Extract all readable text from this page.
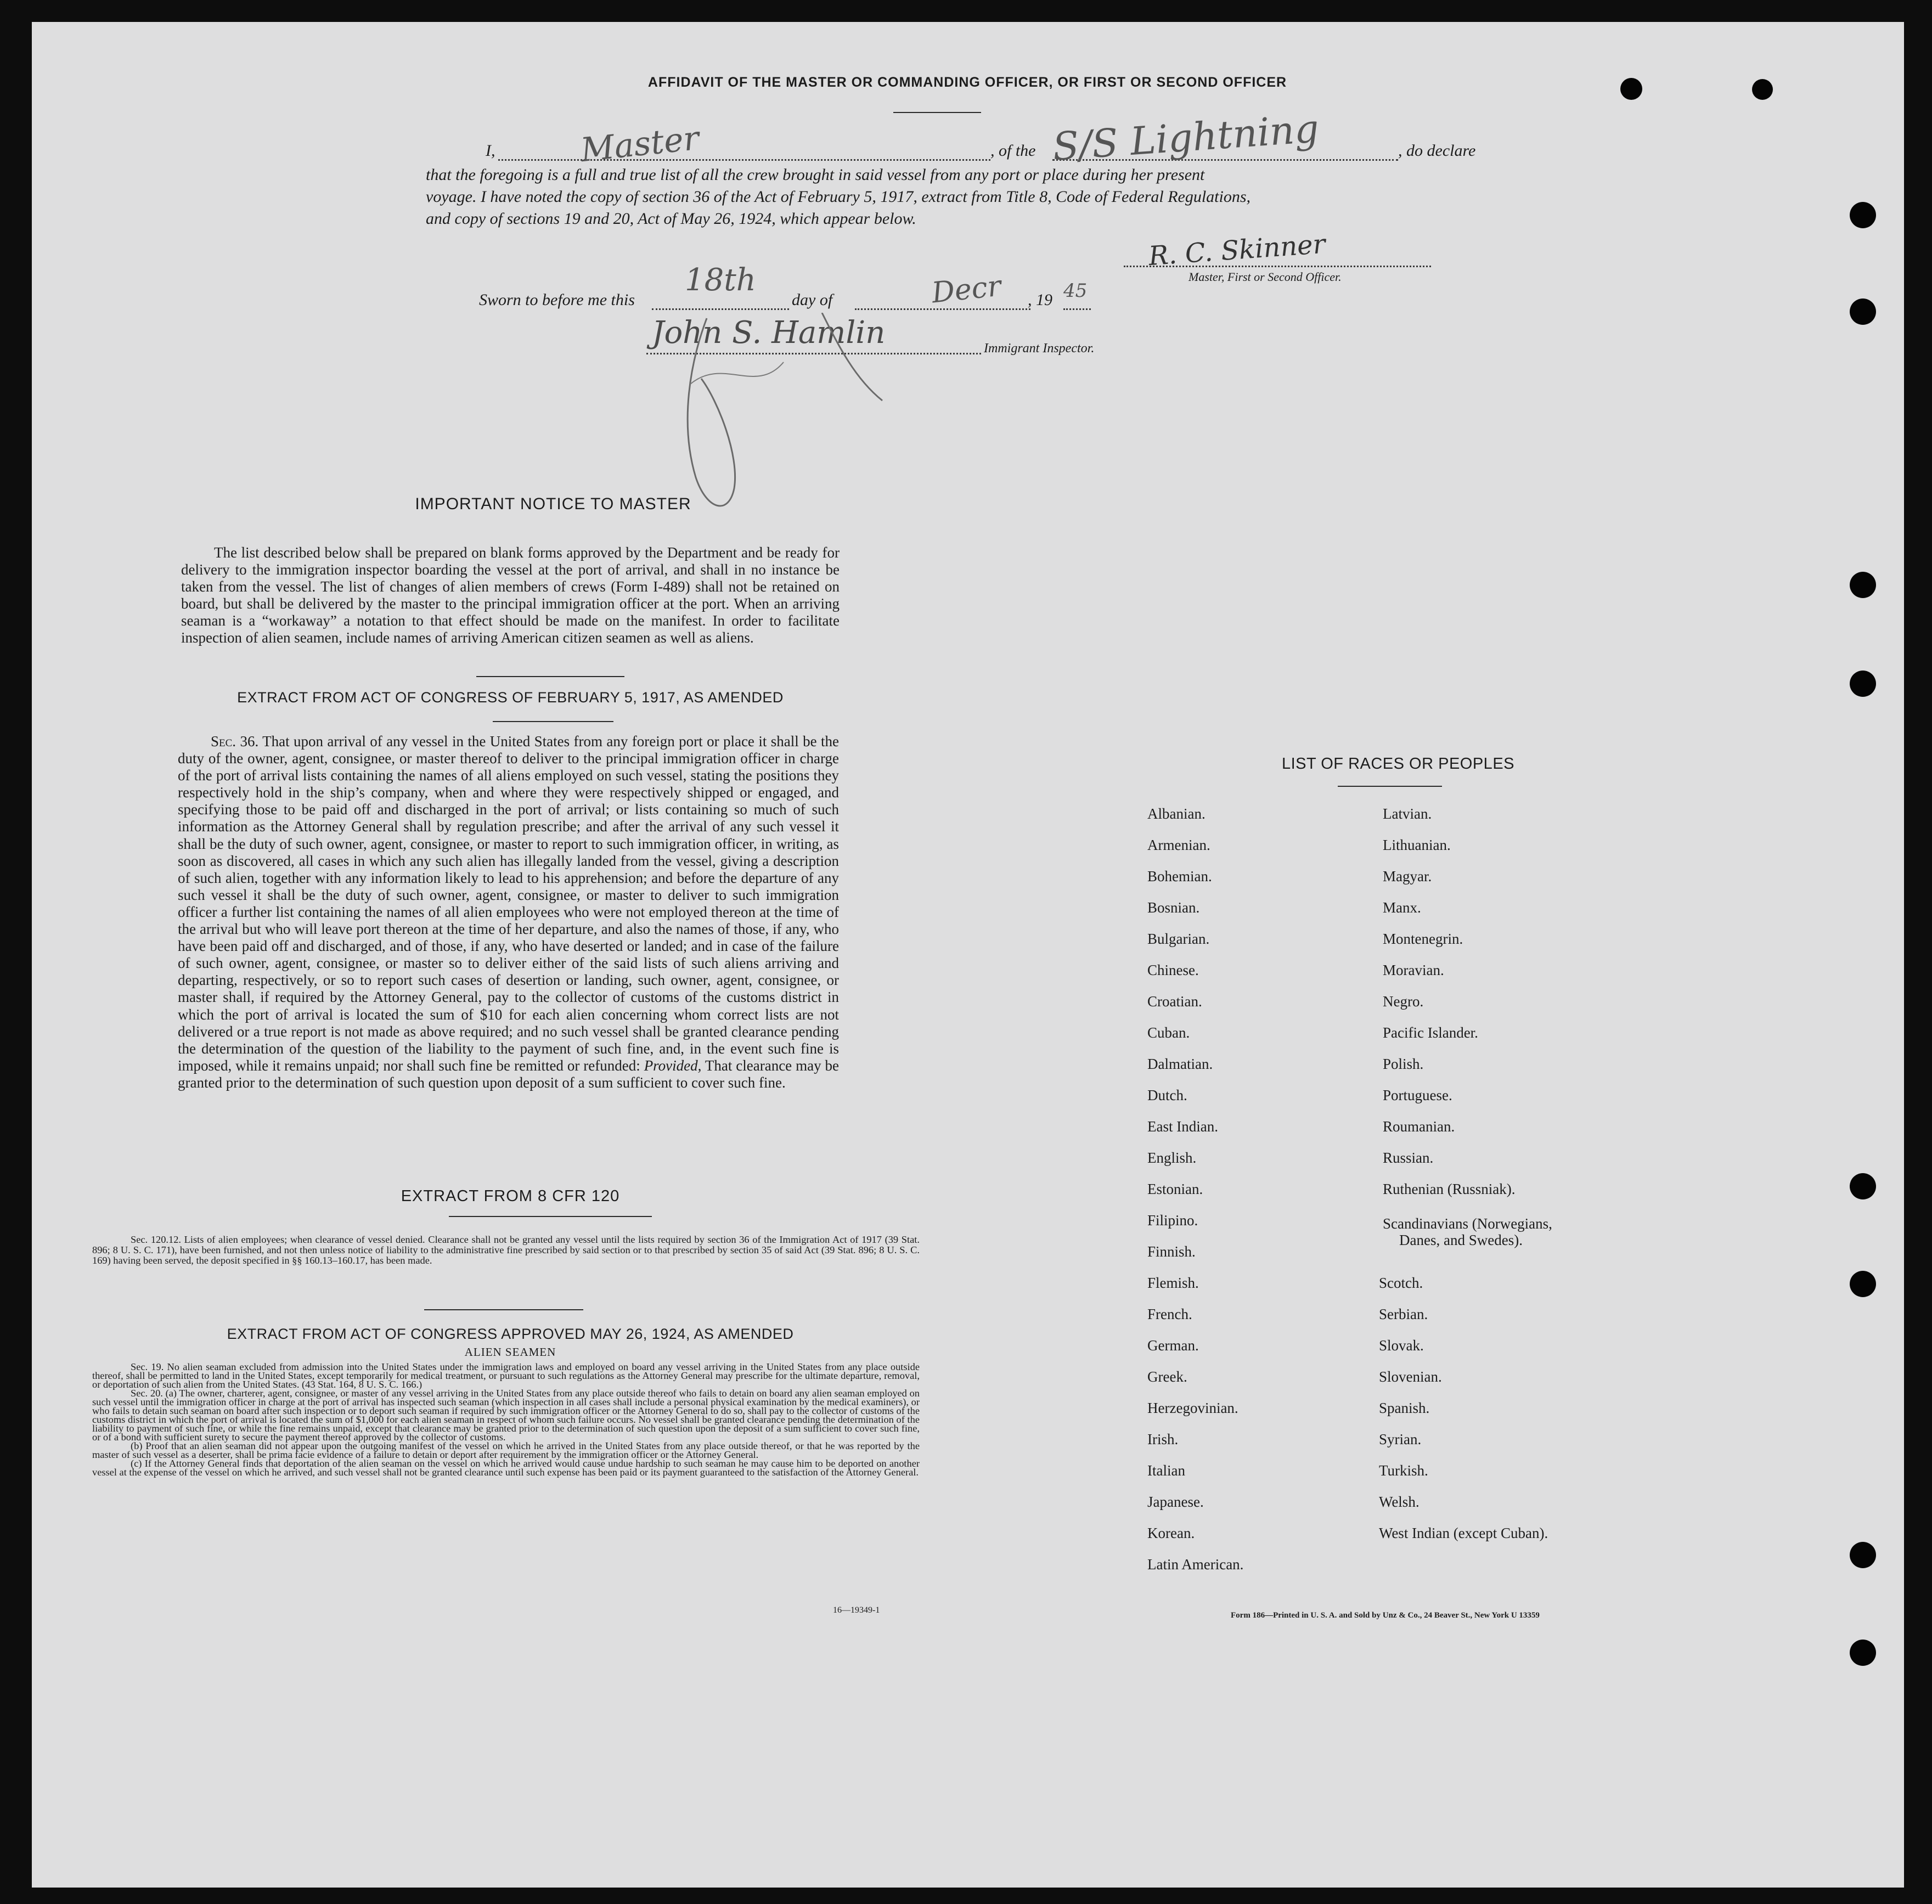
AFFIDAVIT OF THE MASTER OR COMMANDING OFFICER, OR FIRST OR SECOND OFFICER
I,	Master	, of the S/S Lightning	, do declare
that the foregoing is a full and true list of all the crew brought in said vessel from any port or place during her present
voyage. I have noted the copy of section 36 of the Act of February 5, 1917, extract from Title 8, Code of Federal Regulations,
and copy of sections 19 and 20, Act of May 26, 1924, which appear below.
R. C. Skinner
Master, First or Second Officer.
Sworn to before me this
18th
day of	Decr , 19 45
John S. Hamlin	Immigrant Inspector.
IMPORTANT NOTICE TO MASTER
The list described below shall be prepared on blank forms approved by the Department and be ready for delivery to the immigration inspector boarding the vessel at the port of arrival, and shall in no instance be taken from the vessel. The list of changes of alien members of crews (Form I-489) shall not be retained on board, but shall be delivered by the master to the principal immigration officer at the port. When an arriving seaman is a “workaway” a notation to that effect should be made on the manifest. In order to facilitate inspection of alien seamen, include names of arriving American citizen seamen as well as aliens.
EXTRACT FROM ACT OF CONGRESS OF FEBRUARY 5, 1917, AS AMENDED
Sec. 36. That upon arrival of any vessel in the United States from any foreign port or place it shall be the duty of the owner, agent, consignee, or master thereof to deliver to the principal immigration officer in charge of the port of arrival lists containing the names of all aliens employed on such vessel, stating the positions they respectively hold in the ship’s company, when and where they were respectively shipped or engaged, and specifying those to be paid off and discharged in the port of arrival; or lists containing so much of such information as the Attorney General shall by regulation prescribe; and after the arrival of any such vessel it shall be the duty of such owner, agent, consignee, or master to report to such immigration officer, in writing, as soon as discovered, all cases in which any such alien has illegally landed from the vessel, giving a description of such alien, together with any information likely to lead to his apprehension; and before the departure of any such vessel it shall be the duty of such owner, agent, consignee, or master to deliver to such immigration officer a further list containing the names of all alien employees who were not employed thereon at the time of the arrival but who will leave port thereon at the time of her departure, and also the names of those, if any, who have been paid off and discharged, and of those, if any, who have deserted or landed; and in case of the failure of such owner, agent, consignee, or master so to deliver either of the said lists of such aliens arriving and departing, respectively, or so to report such cases of desertion or landing, such owner, agent, consignee, or master shall, if required by the Attorney General, pay to the collector of customs of the customs district in which the port of arrival is located the sum of $10 for each alien concerning whom correct lists are not delivered or a true report is not made as above required; and no such vessel shall be granted clearance pending the determination of the question of the liability to the payment of such fine, and, in the event such fine is imposed, while it remains unpaid; nor shall such fine be remitted or refunded: Provided, That clearance may be granted prior to the determination of such question upon deposit of a sum sufficient to cover such fine.
EXTRACT FROM 8 CFR 120
Sec. 120.12. Lists of alien employees; when clearance of vessel denied. Clearance shall not be granted any vessel until the lists required by section 36 of the Immigration Act of 1917 (39 Stat. 896; 8 U. S. C. 171), have been furnished, and not then unless notice of liability to the administrative fine prescribed by said section or to that prescribed by section 35 of said Act (39 Stat. 896; 8 U. S. C. 169) having been served, the deposit specified in §§ 160.13–160.17, has been made.
EXTRACT FROM ACT OF CONGRESS APPROVED MAY 26, 1924, AS AMENDED
ALIEN SEAMEN
Sec. 19. No alien seaman excluded from admission into the United States under the immigration laws and employed on board any vessel arriving in the United States from any place outside thereof, shall be permitted to land in the United States, except temporarily for medical treatment, or pursuant to such regulations as the Attorney General may prescribe for the ultimate departure, removal, or deportation of such alien from the United States. (43 Stat. 164, 8 U. S. C. 166.)
Sec. 20. (a) The owner, charterer, agent, consignee, or master of any vessel arriving in the United States from any place outside thereof who fails to detain on board any alien seaman employed on such vessel until the immigration officer in charge at the port of arrival has inspected such seaman (which inspection in all cases shall include a personal physical examination by the medical examiners), or who fails to detain such seaman on board after such inspection or to deport such seaman if required by such immigration officer or the Attorney General to do so, shall pay to the collector of customs of the customs district in which the port of arrival is located the sum of $1,000 for each alien seaman in respect of whom such failure occurs. No vessel shall be granted clearance pending the determination of the liability to payment of such fine, or while the fine remains unpaid, except that clearance may be granted prior to the determination of such question upon the deposit of a sum sufficient to cover such fine, or of a bond with sufficient surety to secure the payment thereof approved by the collector of customs.
(b) Proof that an alien seaman did not appear upon the outgoing manifest of the vessel on which he arrived in the United States from any place outside thereof, or that he was reported by the master of such vessel as a deserter, shall be prima facie evidence of a failure to detain or deport after requirement by the immigration officer or the Attorney General.
(c) If the Attorney General finds that deportation of the alien seaman on the vessel on which he arrived would cause undue hardship to such seaman he may cause him to be deported on another vessel at the expense of the vessel on which he arrived, and such vessel shall not be granted clearance until such expense has been paid or its payment guaranteed to the satisfaction of the Attorney General.
16—19349-1
LIST OF RACES OR PEOPLES
Albanian.
Armenian.
Bohemian.
Bosnian.
Bulgarian.
Chinese.
Croatian.
Cuban.
Dalmatian.
Dutch.
East Indian.
English.
Estonian.
Filipino.
Finnish.
Flemish.
French.
German.
Greek.
Herzegovinian.
Irish.
Italian
Japanese.
Korean.
Latin American.
Latvian.
Lithuanian.
Magyar.
Manx.
Montenegrin.
Moravian.
Negro.
Pacific Islander.
Polish.
Portuguese.
Roumanian.
Russian.
Ruthenian (Russniak).
Scandinavians (Norwegians,
Danes, and Swedes).
Scotch.
Serbian.
Slovak.
Slovenian.
Spanish.
Syrian.
Turkish.
Welsh.
West Indian (except Cuban).
Form 186—Printed in U. S. A. and Sold by Unz & Co., 24 Beaver St., New York U 13359
